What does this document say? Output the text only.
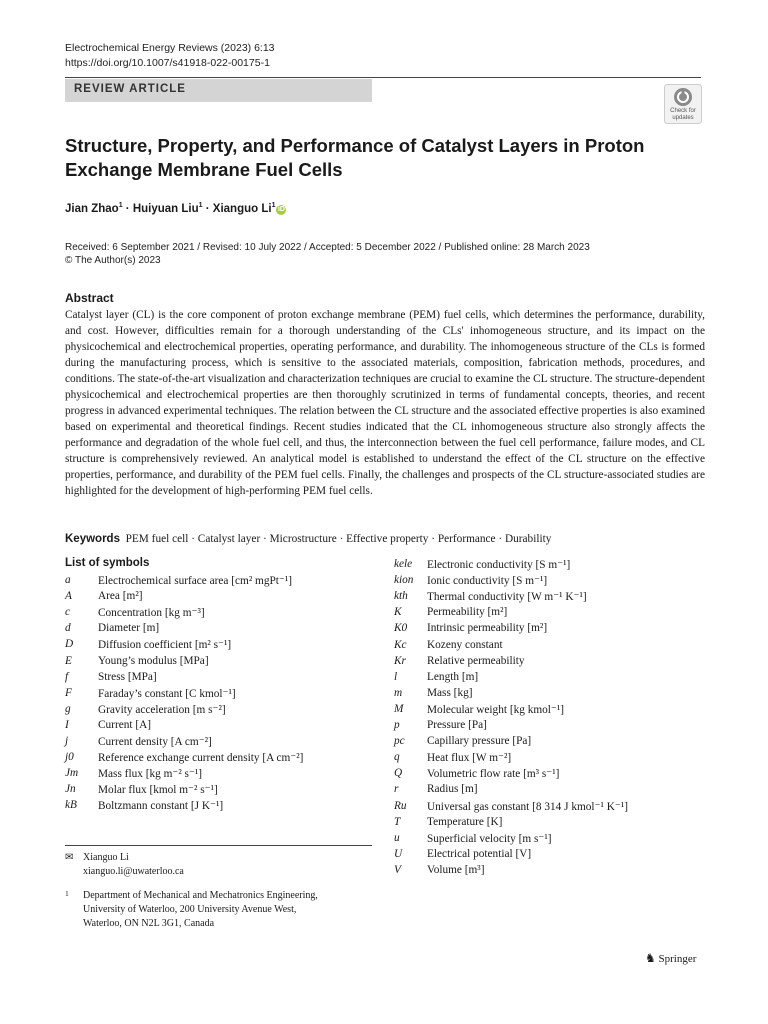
Electrochemical Energy Reviews (2023) 6:13
https://doi.org/10.1007/s41918-022-00175-1
REVIEW ARTICLE
Check for
updates
Structure, Property, and Performance of Catalyst Layers in Proton Exchange Membrane Fuel Cells
Jian Zhao$^1$ · Huiyuan Liu$^1$ · Xianguo Li$^1$iD
Received: 6 September 2021 / Revised: 10 July 2022 / Accepted: 5 December 2022 / Published online: 28 March 2023
© The Author(s) 2023
Abstract
Catalyst layer (CL) is the core component of proton exchange membrane (PEM) fuel cells, which determines the performance, durability, and cost. However, difficulties remain for a thorough understanding of the CLs' inhomogeneous structure, and its impact on the physicochemical and electrochemical properties, operating performance, and durability. The inhomogeneous structure of the CLs is formed during the manufacturing process, which is sensitive to the associated materials, composition, fabrication methods, procedures, and conditions. The state-of-the-art visualization and characterization techniques are crucial to examine the CL structure. The structure-dependent physicochemical and electrochemical properties are then thoroughly scrutinized in terms of fundamental concepts, theories, and recent progress in advanced experimental techniques. The relation between the CL structure and the associated effective properties is also examined based on experimental and theoretical findings. Recent studies indicated that the CL inhomogeneous structure also strongly affects the performance and degradation of the whole fuel cell, and thus, the interconnection between the fuel cell performance, failure modes, and CL structure is comprehensively reviewed. An analytical model is established to understand the effect of the CL structure on the effective properties, performance, and durability of the PEM fuel cells. Finally, the challenges and prospects of the CL structure-associated studies are highlighted for the development of high-performing PEM fuel cells.
Keywords PEM fuel cell · Catalyst layer · Microstructure · Effective property · Performance · Durability
List of symbols
a Electrochemical surface area [cm² mgPt⁻¹]
A Area [m²]
c Concentration [kg m⁻³]
d Diameter [m]
D Diffusion coefficient [m² s⁻¹]
E Young’s modulus [MPa]
f	Stress [MPa]
F Faraday’s constant [C kmol⁻¹]
g Gravity acceleration [m s⁻²]
I	Current [A]
j	Current density [A cm⁻²]
j0 Reference exchange current density [A cm⁻²]
Jm Mass flux [kg m⁻² s⁻¹]
Jn Molar flux [kmol m⁻² s⁻¹]
kB Boltzmann constant [J K⁻¹]
kele Electronic conductivity [S m⁻¹]
kion Ionic conductivity [S m⁻¹]
kth Thermal conductivity [W m⁻¹ K⁻¹]
K Permeability [m²]
K0 Intrinsic permeability [m²]
Kc Kozeny constant
Kr Relative permeability
l	Length [m]
m Mass [kg]
M Molecular weight [kg kmol⁻¹]
p Pressure [Pa]
pc Capillary pressure [Pa]
q Heat flux [W m⁻²]
Q Volumetric flow rate [m³ s⁻¹]
r	Radius [m]
Ru Universal gas constant [8 314 J kmol⁻¹ K⁻¹]
T Temperature [K]
u Superficial velocity [m s⁻¹]
U Electrical potential [V]
V Volume [m³]
✉ Xianguo Li
xianguo.li@uwaterloo.ca
1 Department of Mechanical and Mechatronics Engineering,
University of Waterloo, 200 University Avenue West,
Waterloo, ON N2L 3G1, Canada
♞ Springer
